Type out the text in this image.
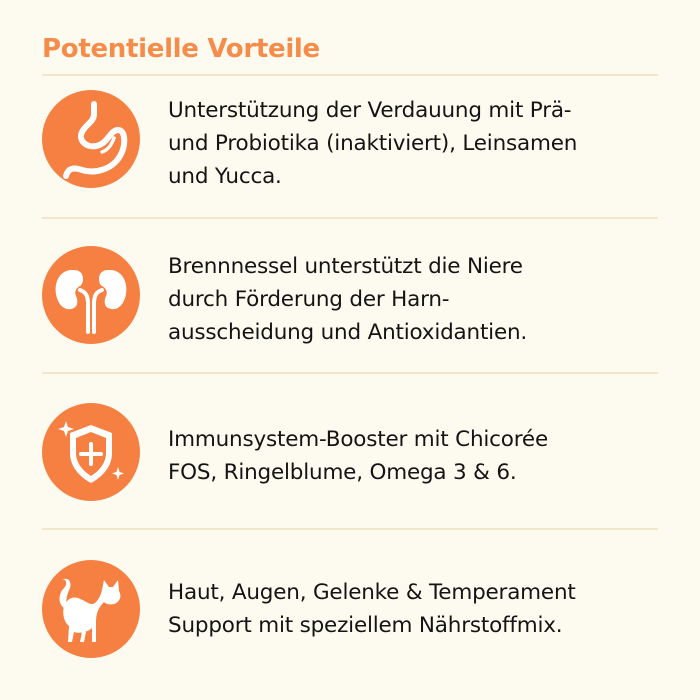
Potentielle Vorteile
Unterstützung der Verdauung mit Prä-
und Probiotika (inaktiviert), Leinsamen
und Yucca.
Brennnessel unterstützt die Niere
durch Förderung der Harn-
ausscheidung und Antioxidantien.
Immunsystem-Booster mit Chicorée
FOS, Ringelblume, Omega 3 & 6.
Haut, Augen, Gelenke & Temperament
Support mit speziellem Nährstoffmix.
